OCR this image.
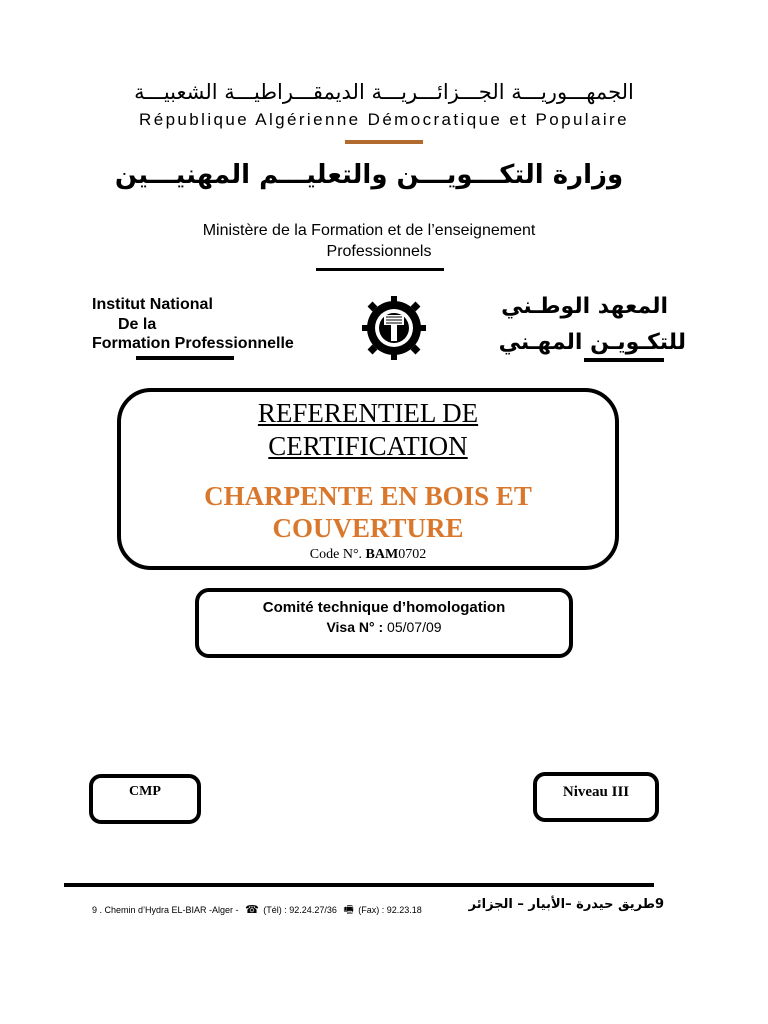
الجمهـــوريـــة الجـــزائـــريـــة الديمقـــراطيـــة الشعبيـــة
République Algérienne Démocratique et Populaire
وزارة التكـــويـــن والتعليـــم المهنيـــين
Ministère de la Formation et de l’enseignement
Professionnels
Institut National
De la
Formation Professionnelle
المعهد الوطـني
للتكـويـن المهـني
REFERENTIEL DE
CERTIFICATION
CHARPENTE EN BOIS ET
COUVERTURE
Code N°. BAM0702
Comité technique d’homologation
Visa N° : 05/07/09
CMP	Niveau III
9 . Chemin d’Hydra EL-BIAR -Alger - ☎ (Tél) : 92.24.27/36 🖷 (Fax) : 92.23.18	9طريق حيدرة –الأبيار – الجزائر
